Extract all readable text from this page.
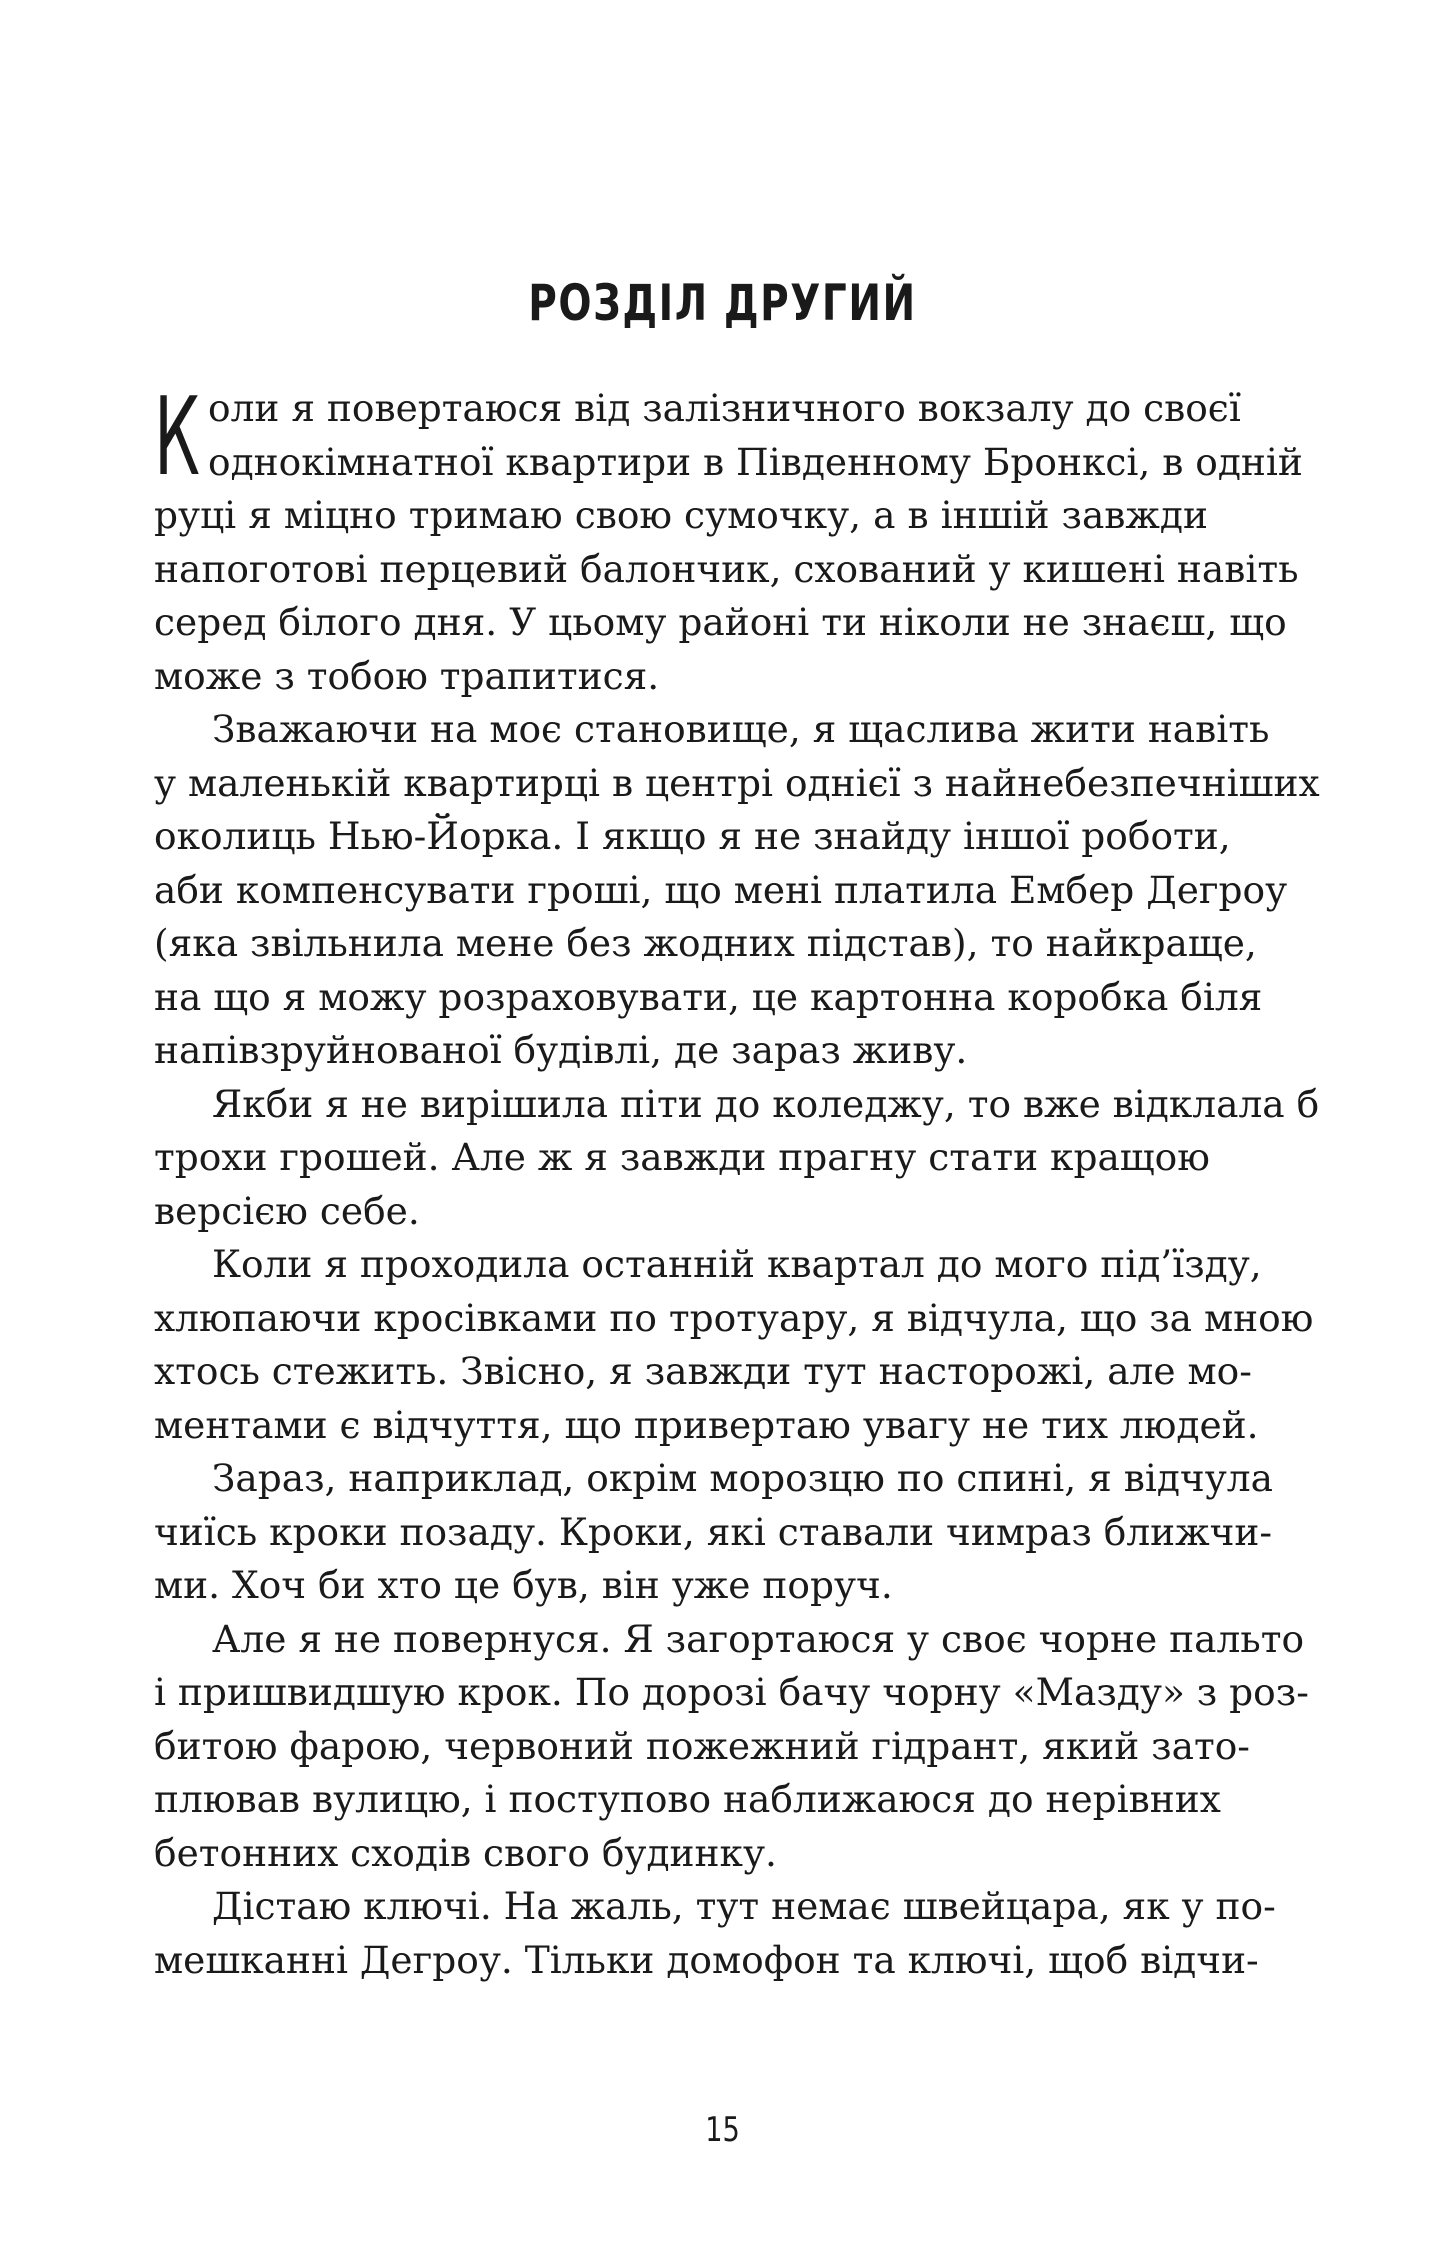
РОЗДІЛ ДРУГИЙ
К оли я повертаюся від залізничного вокзалу до своєї
однокімнатної квартири в Південному Бронксі, в одній
руці я міцно тримаю свою сумочку, а в іншій завжди
напоготові перцевий балончик, схований у кишені навіть
серед білого дня. У цьому районі ти ніколи не знаєш, що
може з тобою трапитися.
Зважаючи на моє становище, я щаслива жити навіть
у маленькій квартирці в центрі однієї з найнебезпечніших
околиць Нью-Йорка. І якщо я не знайду іншої роботи,
аби компенсувати гроші, що мені платила Ембер Дегроу
(яка звільнила мене без жодних підстав), то найкраще,
на що я можу розраховувати, це картонна коробка біля
напівзруйнованої будівлі, де зараз живу.
Якби я не вирішила піти до коледжу, то вже відклала б
трохи грошей. Але ж я завжди прагну стати кращою
версією себе.
Коли я проходила останній квартал до мого під’їзду,
хлюпаючи кросівками по тротуару, я відчула, що за мною
хтось стежить. Звісно, я завжди тут насторожі, але мо-
ментами є відчуття, що привертаю увагу не тих людей.
Зараз, наприклад, окрім морозцю по спині, я відчула
чиїсь кроки позаду. Кроки, які ставали чимраз ближчи-
ми. Хоч би хто це був, він уже поруч.
Але я не повернуся. Я загортаюся у своє чорне пальто
і пришвидшую крок. По дорозі бачу чорну «Мазду» з роз-
битою фарою, червоний пожежний гідрант, який зато-
плював вулицю, і поступово наближаюся до нерівних
бетонних сходів свого будинку.
Дістаю ключі. На жаль, тут немає швейцара, як у по-
мешканні Дегроу. Тільки домофон та ключі, щоб відчи-
15
